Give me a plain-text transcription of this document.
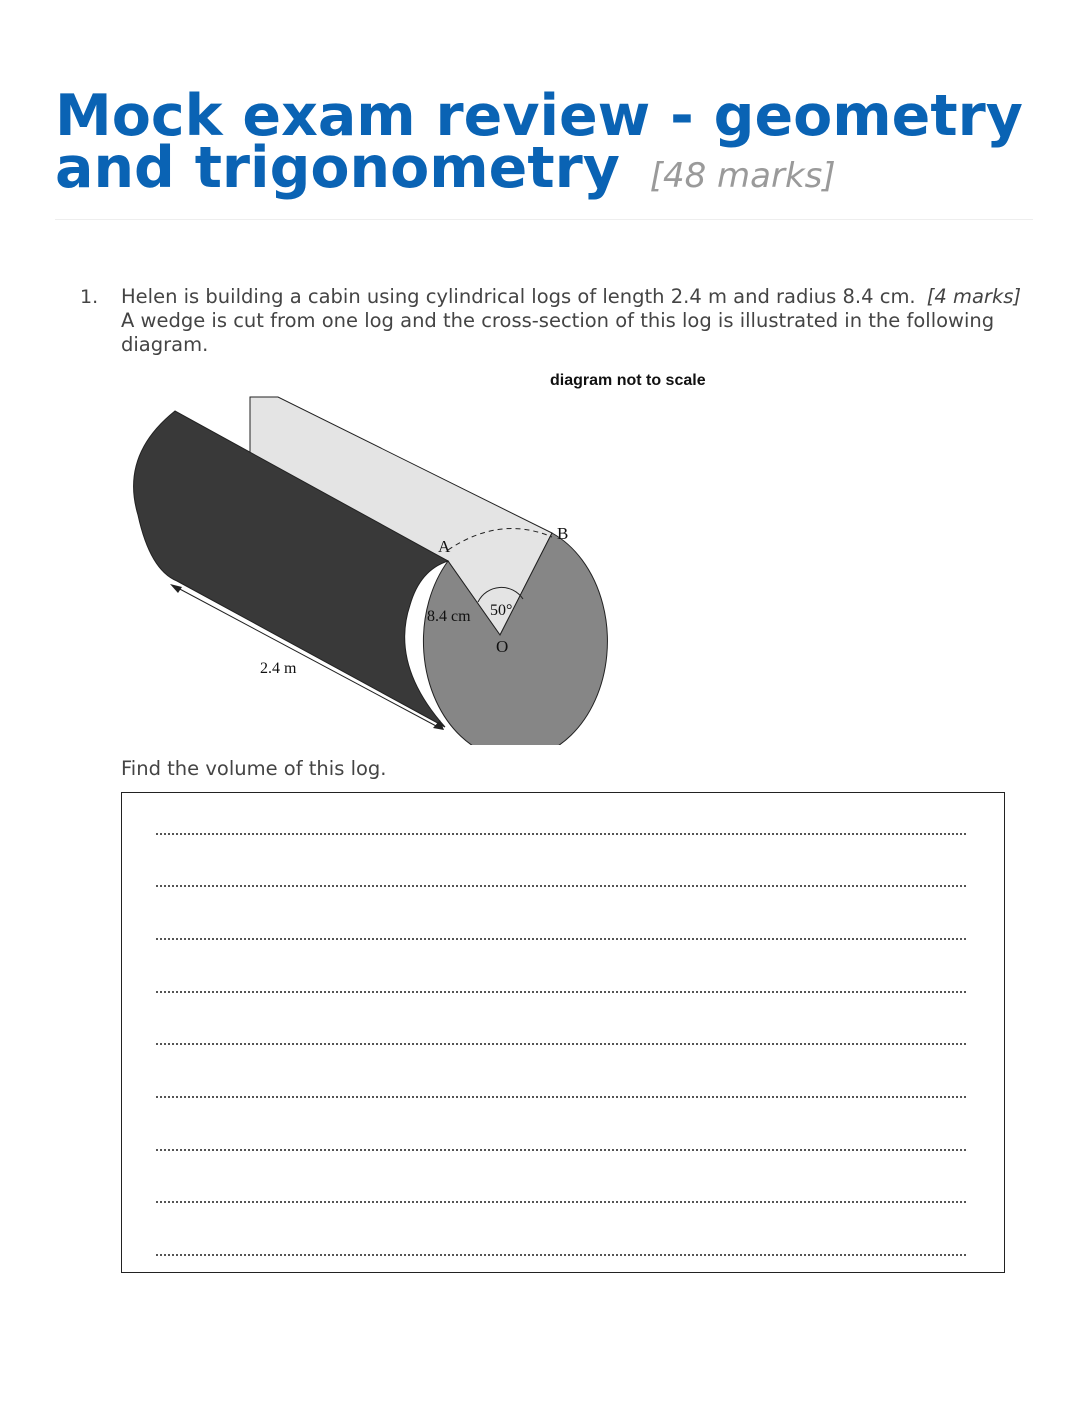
Mock exam review - geometry and trigonometry [48 marks]
1.	[4 marks]
Helen is building a cabin using cylindrical logs of length 2.4 m and radius 8.4 cm. A wedge is cut from one log and the cross-section of this log is illustrated in the following diagram.
diagram not to scale
A
B
O
8.4 cm 50°
2.4 m
Find the volume of this log.
